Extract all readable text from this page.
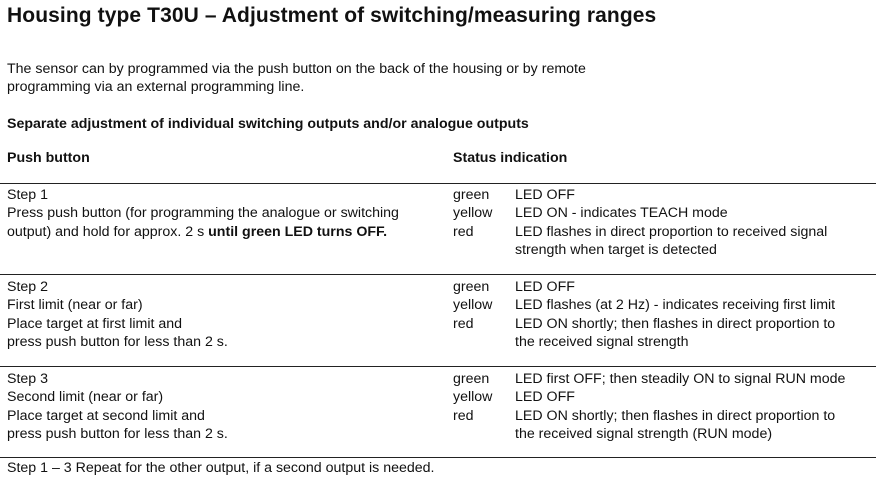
Housing type T30U – Adjustment of switching/measuring ranges
The sensor can by programmed via the push button on the back of the housing or by remote
programming via an external programming line.
Separate adjustment of individual switching outputs and/or analogue outputs
Push button	Status indication
Step 1
Press push button (for programming the analogue or switching
output) and hold for approx. 2 s until green LED turns OFF.
green
yellow
red
LED OFF
LED ON - indicates TEACH mode
LED flashes in direct proportion to received signal
strength when target is detected
Step 2
First limit (near or far)
Place target at first limit and
press push button for less than 2 s.
green
yellow
red
LED OFF
LED flashes (at 2 Hz) - indicates receiving first limit
LED ON shortly; then flashes in direct proportion to
the received signal strength
Step 3
Second limit (near or far)
Place target at second limit and
press push button for less than 2 s.
green
yellow
red
LED first OFF; then steadily ON to signal RUN mode
LED OFF
LED ON shortly; then flashes in direct proportion to
the received signal strength (RUN mode)
Step 1 – 3 Repeat for the other output, if a second output is needed.
